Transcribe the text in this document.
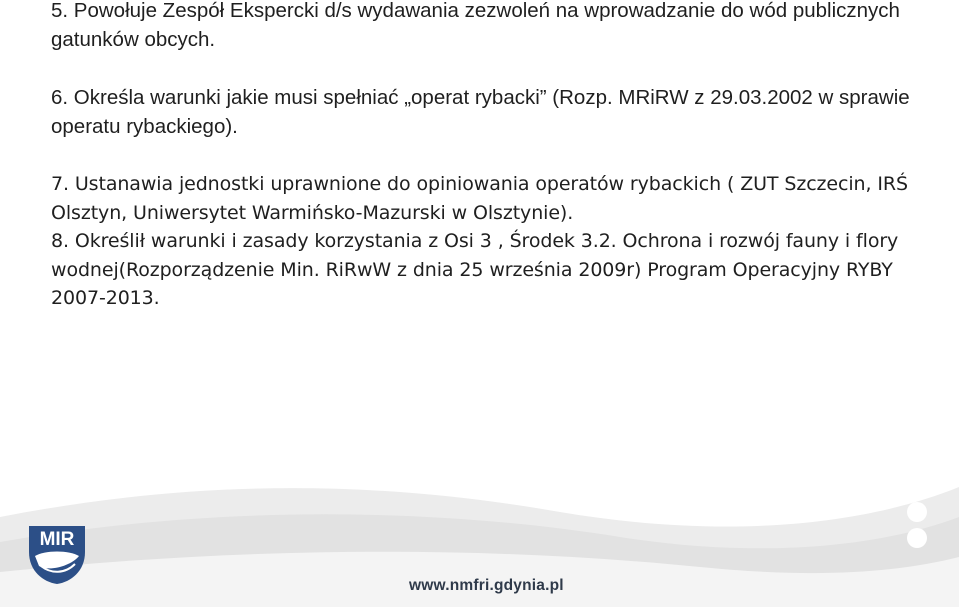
5. Powołuje Zespół Ekspercki d/s wydawania zezwoleń na wprowadzanie do wód publicznych gatunków obcych.

6. Określa warunki jakie musi spełniać „operat rybacki” (Rozp. MRiRW z 29.03.2002 w sprawie operatu rybackiego).

7. Ustanawia jednostki uprawnione do opiniowania operatów rybackich ( ZUT Szczecin, IRŚ Olsztyn, Uniwersytet Warmińsko-Mazurski w Olsztynie).

8. Określił warunki i zasady korzystania z Osi 3 , Środek 3.2. Ochrona i rozwój fauny i flory wodnej(Rozporządzenie Min. RiRwW z dnia 25 września 2009r) Program Operacyjny RYBY 2007-2013.

MIR
www.nmfri.gdynia.pl
